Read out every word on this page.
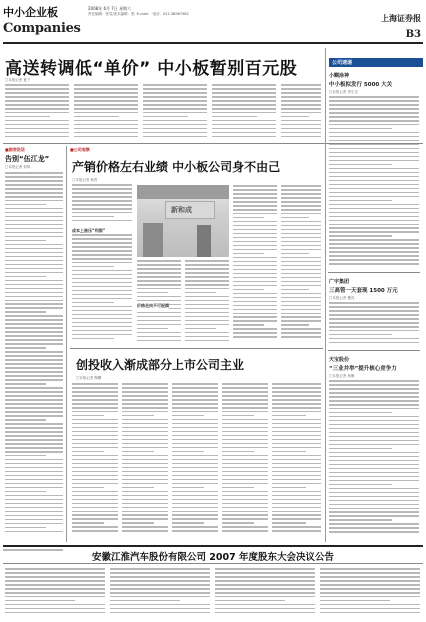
中小企业板
Companies
2008年 6月 7日 星期六
责任编辑：张雪/美术编辑：张 ·E-mail：·电话：021-38967582	上海证券报
B3
高送转调低“单价” 中小板暂别百元股
□本报记者 夏子
■图表说话
告别“伍江龙”
□本报记者 何鸣
■公司观察
产销价格左右业绩 中小板公司身不由己
□本报记者 杨青
成本上涨压“利润”
新和成
价格走向不可捉摸
创投收入渐成部分上市公司主业
□本报记者 陶曙
公司速递
小糊涂神
中小板拟发行 5000 大关
□本报记者 李生谷
广宇集团
三高管一天套现 1500 万元
□本报记者 魏亮
天宝股份
“三业并举”提升核心竞争力
□本报记者 杨琳
安徽江淮汽车股份有限公司 2007 年度股东大会决议公告
